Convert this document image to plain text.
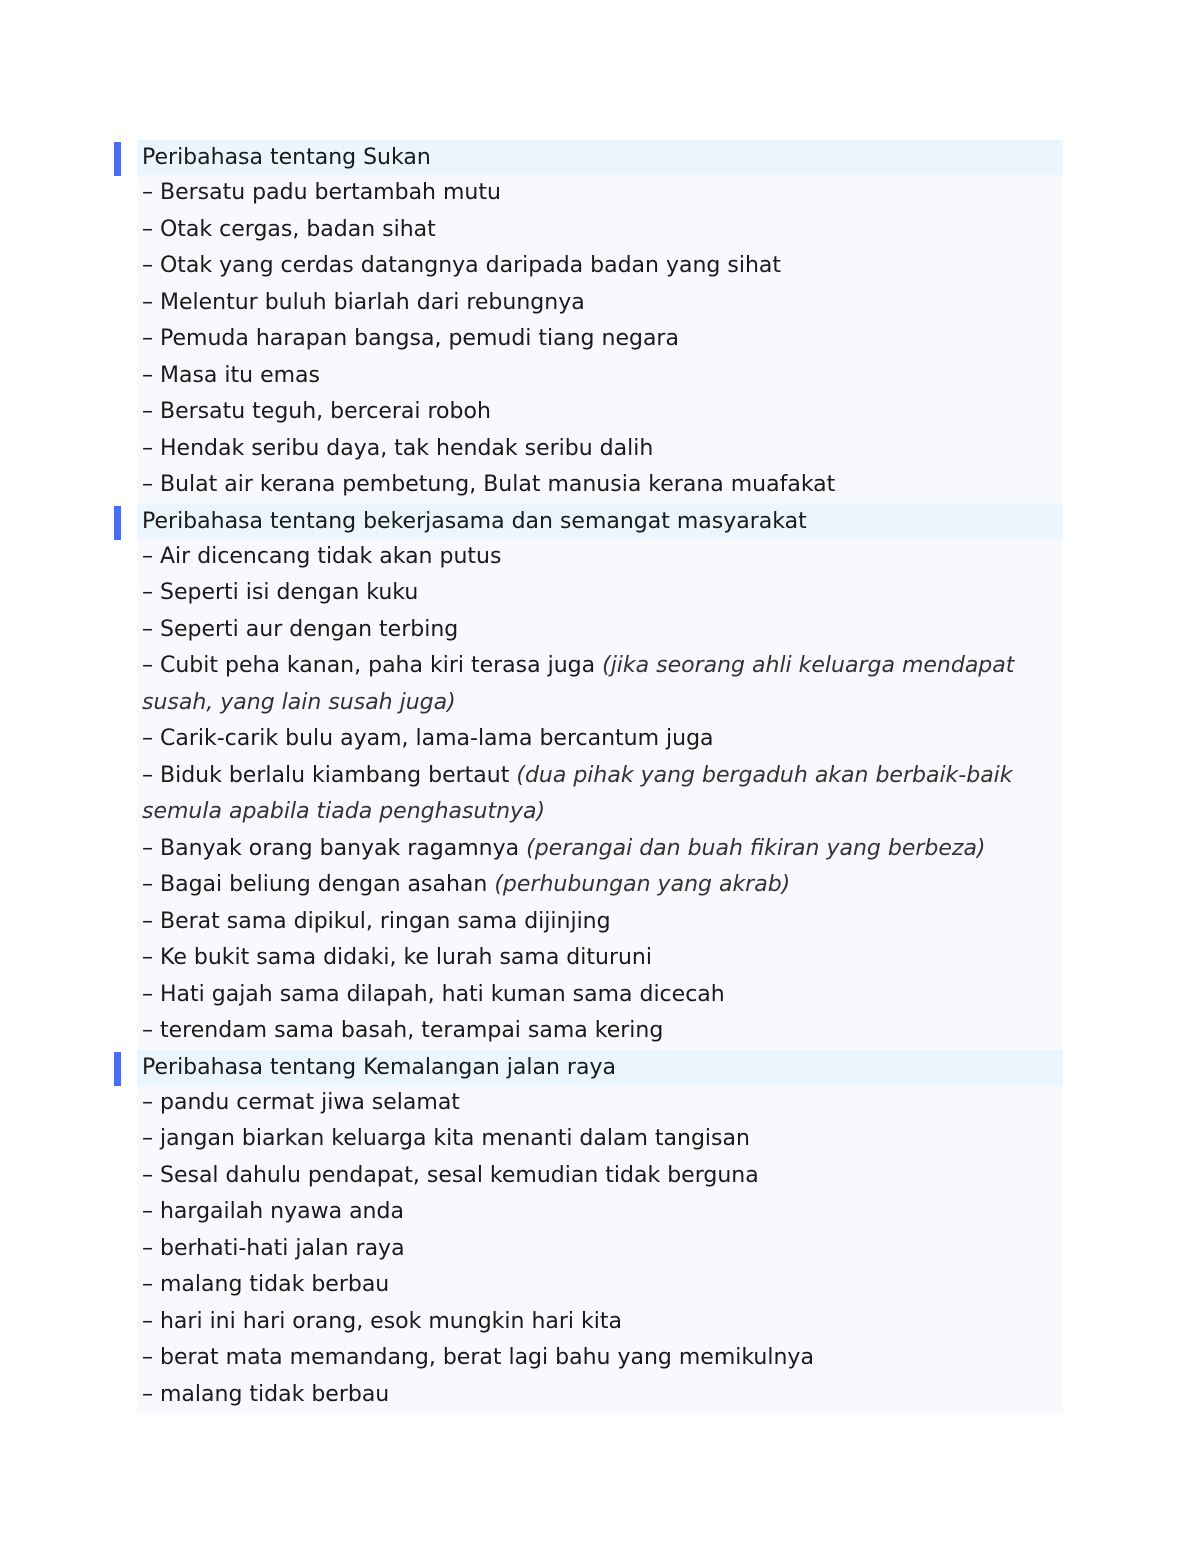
Peribahasa tentang Sukan
– Bersatu padu bertambah mutu
– Otak cergas, badan sihat
– Otak yang cerdas datangnya daripada badan yang sihat
– Melentur buluh biarlah dari rebungnya
– Pemuda harapan bangsa, pemudi tiang negara
– Masa itu emas
– Bersatu teguh, bercerai roboh
– Hendak seribu daya, tak hendak seribu dalih
– Bulat air kerana pembetung, Bulat manusia kerana muafakat
Peribahasa tentang bekerjasama dan semangat masyarakat
– Air dicencang tidak akan putus
– Seperti isi dengan kuku
– Seperti aur dengan terbing
– Cubit peha kanan, paha kiri terasa juga (jika seorang ahli keluarga mendapat susah, yang lain susah juga)
– Carik-carik bulu ayam, lama-lama bercantum juga
– Biduk berlalu kiambang bertaut (dua pihak yang bergaduh akan berbaik-baik semula apabila tiada penghasutnya)
– Banyak orang banyak ragamnya (perangai dan buah fikiran yang berbeza)
– Bagai beliung dengan asahan (perhubungan yang akrab)
– Berat sama dipikul, ringan sama dijinjing
– Ke bukit sama didaki, ke lurah sama dituruni
– Hati gajah sama dilapah, hati kuman sama dicecah
– terendam sama basah, terampai sama kering
Peribahasa tentang Kemalangan jalan raya
– pandu cermat jiwa selamat
– jangan biarkan keluarga kita menanti dalam tangisan
– Sesal dahulu pendapat, sesal kemudian tidak berguna
– hargailah nyawa anda
– berhati-hati jalan raya
– malang tidak berbau
– hari ini hari orang, esok mungkin hari kita
– berat mata memandang, berat lagi bahu yang memikulnya
– malang tidak berbau
